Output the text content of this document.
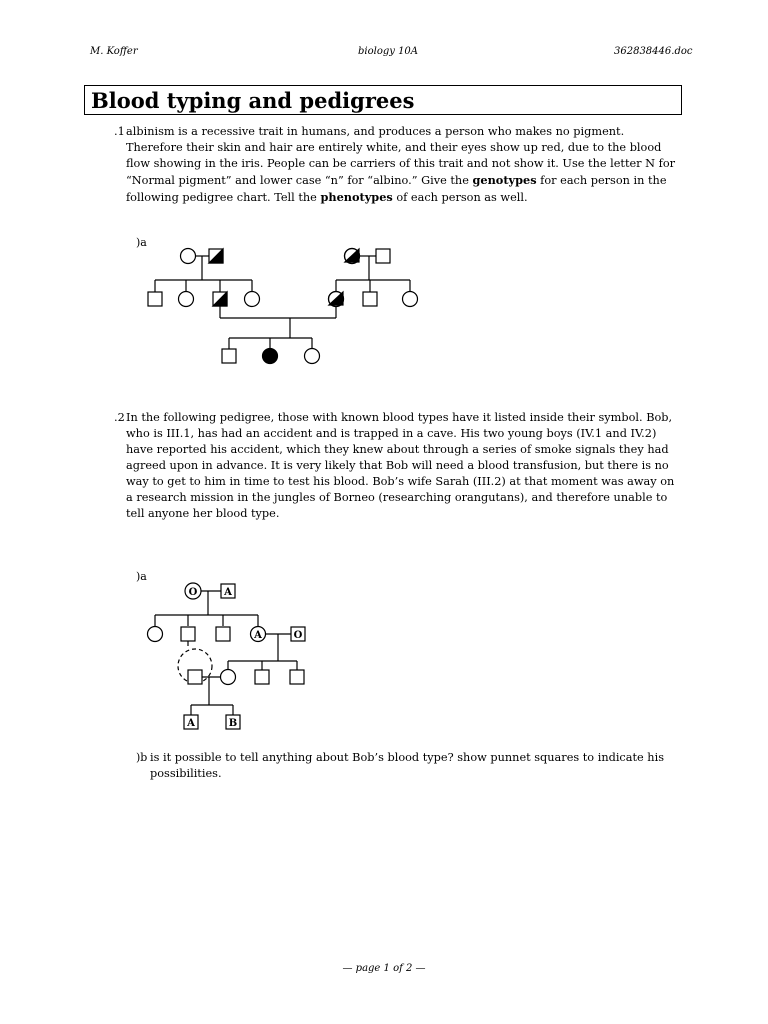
M. Koffer	biology 10A	362838446.doc
Blood typing and pedigrees
.1 albinism is a recessive trait in humans, and produces a person who makes no pigment. Therefore their skin and hair are entirely white, and their eyes show up red, due to the blood flow showing in the iris. People can be carriers of this trait and not show it. Use the letter N for “Normal pigment” and lower case “n” for “albino.” Give the genotypes for each person in the following pedigree chart. Tell the phenotypes of each person as well.
)a
.2 In the following pedigree, those with known blood types have it listed inside their symbol. Bob, who is III.1, has had an accident and is trapped in a cave. His two young boys (IV.1 and IV.2) have reported his accident, which they knew about through a series of smoke signals they had agreed upon in advance. It is very likely that Bob will need a blood transfusion, but there is no way to get to him in time to test his blood. Bob’s wife Sarah (III.2) at that moment was away on a research mission in the jungles of Borneo (researching orangutans), and therefore unable to tell anyone her blood type.
)a
O	A
A	O
A	B
)b is it possible to tell anything about Bob’s blood type? show punnet squares to indicate his possibilities.
— page 1 of 2 —
